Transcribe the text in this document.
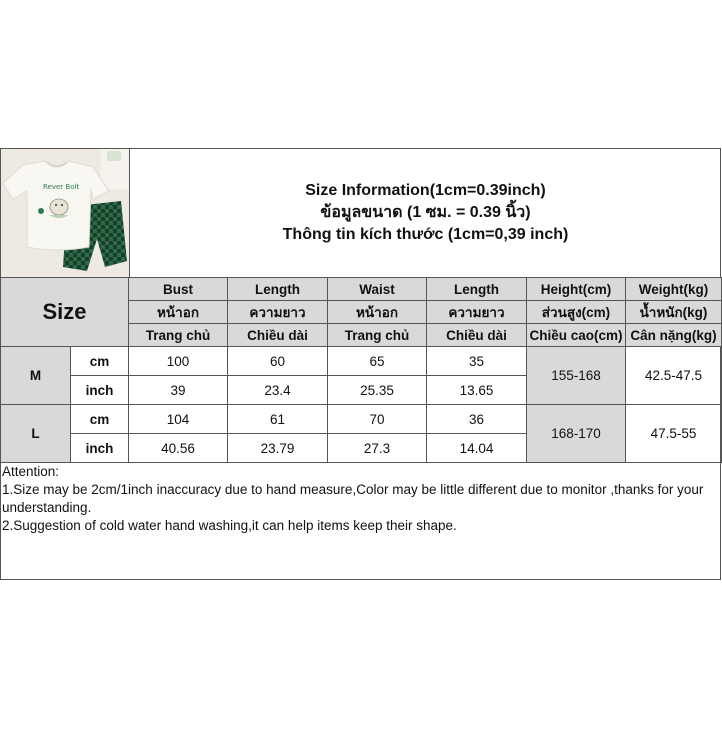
Rever Bolt	Size Information(1cm=0.39inch)
ข้อมูลขนาด (1 ซม. = 0.39 นิ้ว)
Thông tin kích thước (1cm=0,39 inch)
Size		Bust	Length	Waist	Length	Height(cm)	Weight(kg)
		หน้าอก	ความยาว	หน้าอก	ความยาว	ส่วนสูง(cm)	น้ำหนัก(kg)
		Trang chủ	Chiều dài	Trang chủ	Chiều dài	Chiều cao(cm)	Cân nặng(kg)
M	cm	100	60	65	35	155-168	42.5-47.5
	inch	39	23.4	25.35	13.65		
L	cm	104	61	70	36	168-170	47.5-55
	inch	40.56	23.79	27.3	14.04		

Attention:

1.Size may be 2cm/1inch inaccuracy due to hand measure,Color may be little different due to monitor ,thanks for your understanding.

2.Suggestion of cold water hand washing,it can help items keep their shape.
